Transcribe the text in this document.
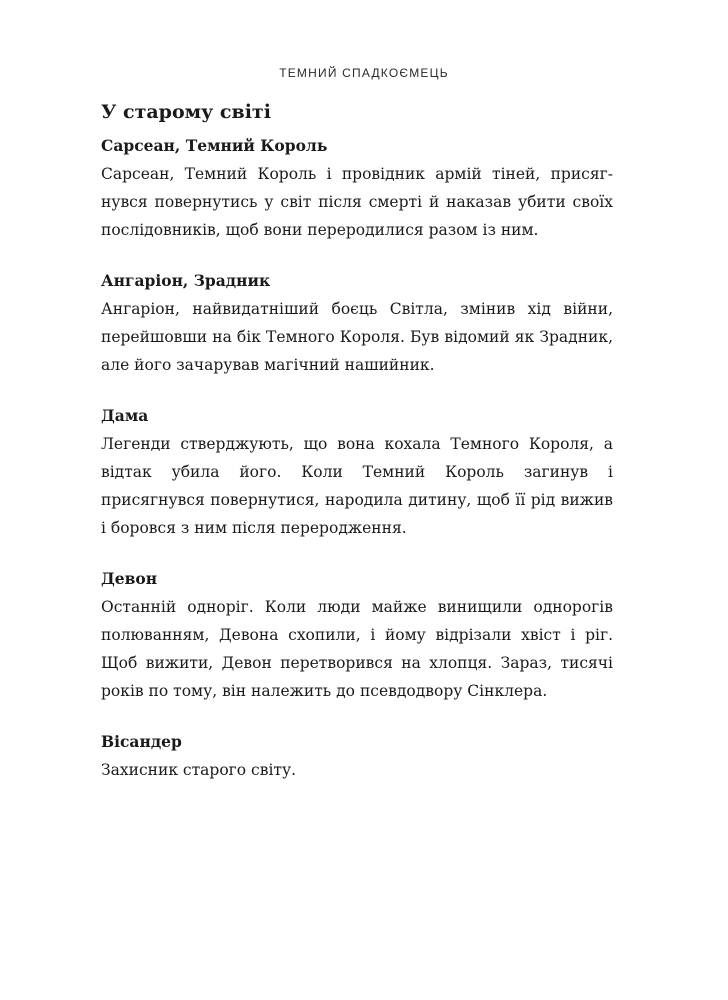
ТЕМНИЙ СПАДКОЄМЕЦЬ
У старому світі

Сарсеан, Темний Король

Сарсеан, Темний Король і провідник армій тіней, присягнувся повернутись у світ після смерті й наказав убити своїх послідовників, щоб вони переродилися разом із ним.

Ангаріон, Зрадник

Ангаріон, найвидатніший боєць Світла, змінив хід війни, перейшовши на бік Темного Короля. Був відомий як Зрадник, але його зачарував магічний нашийник.

Дама

Легенди стверджують, що вона кохала Темного Короля, а відтак убила його. Коли Темний Король загинув і присягнувся повернутися, народила дитину, щоб її рід вижив і боровся з ним після переродження.

Девон

Останній одноріг. Коли люди майже винищили однорогів полюванням, Девона схопили, і йому відрізали хвіст і ріг. Щоб вижити, Девон перетворився на хлопця. Зараз, тисячі років по тому, він належить до псевдодвору Сінклера.

Вісандер

Захисник старого світу.
